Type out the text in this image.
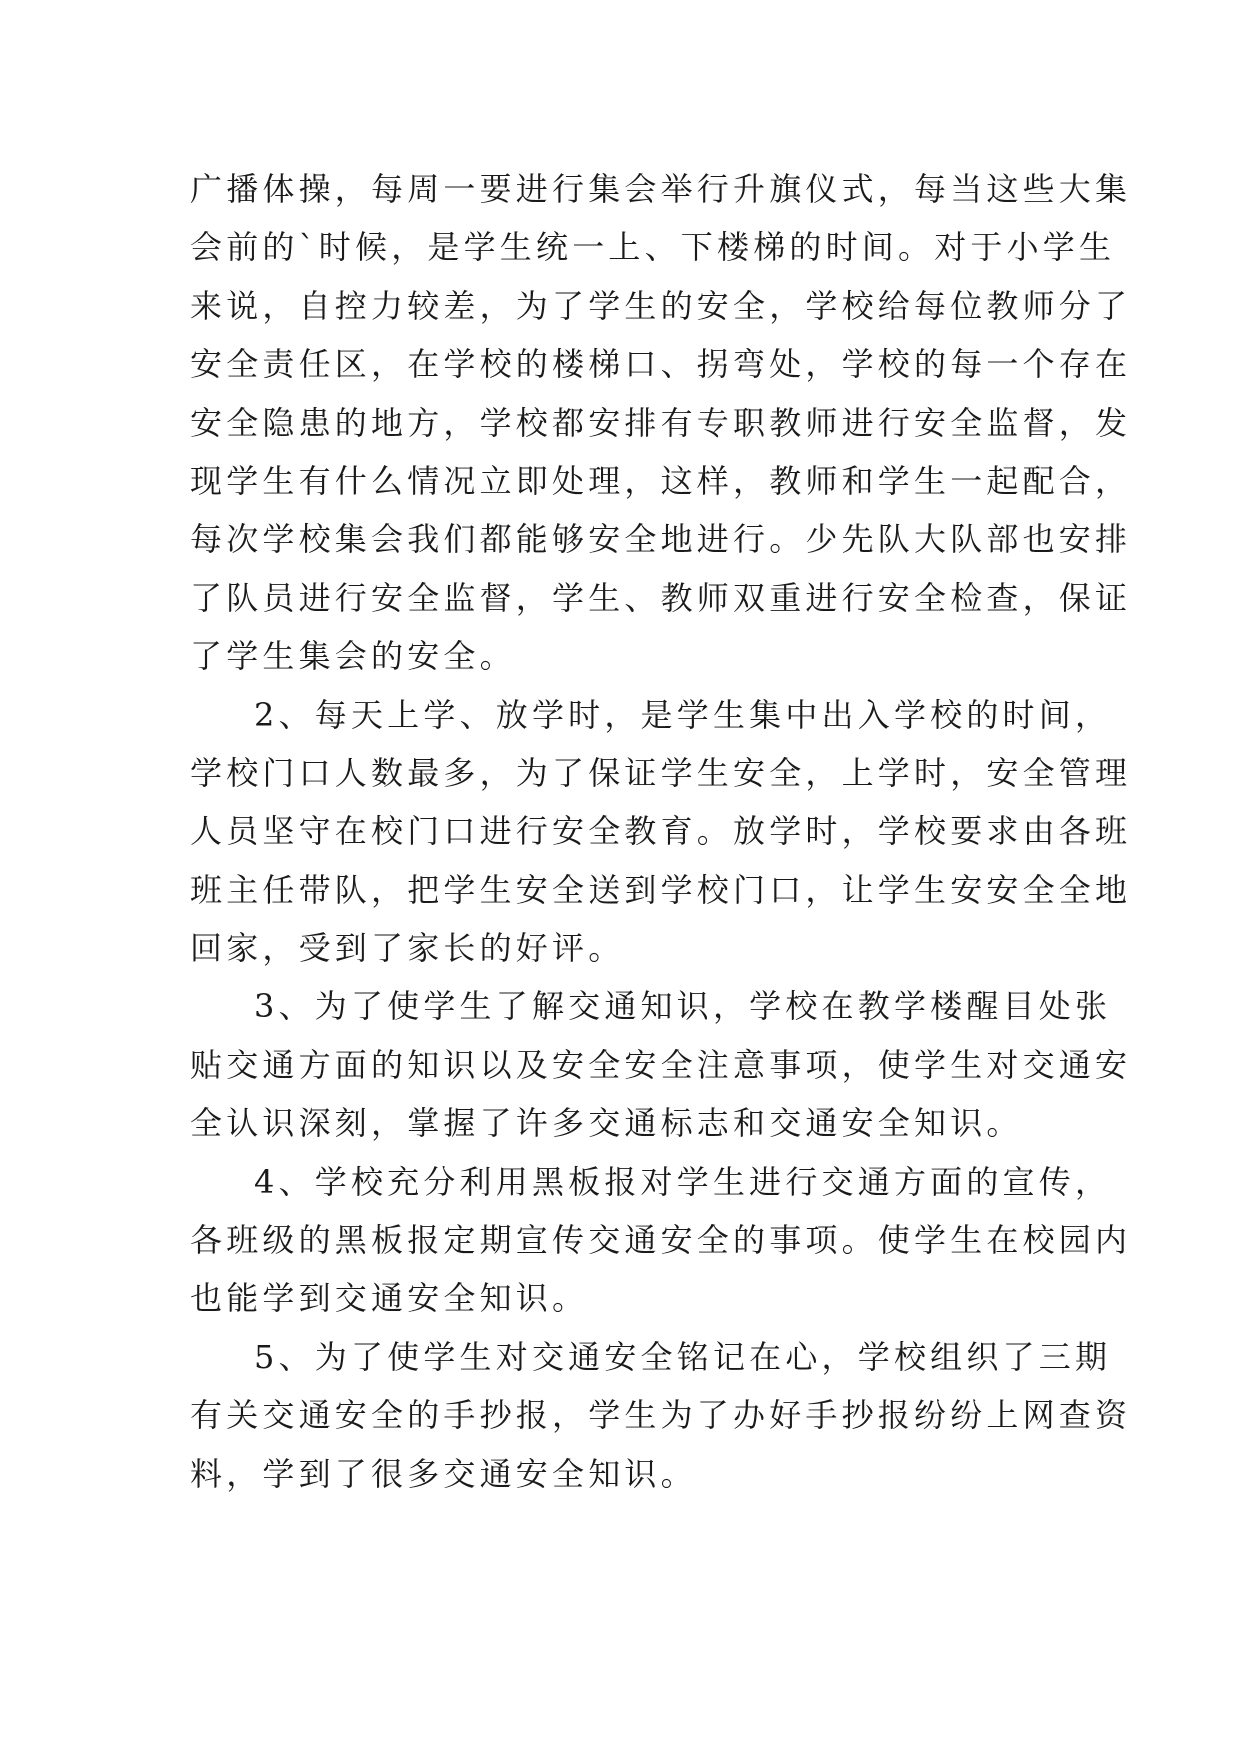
广播体操，每周一要进行集会举行升旗仪式，每当这些大集
会前的`时候，是学生统一上、下楼梯的时间。对于小学生
来说，自控力较差，为了学生的安全，学校给每位教师分了
安全责任区，在学校的楼梯口、拐弯处，学校的每一个存在
安全隐患的地方，学校都安排有专职教师进行安全监督，发
现学生有什么情况立即处理，这样，教师和学生一起配合，
每次学校集会我们都能够安全地进行。少先队大队部也安排
了队员进行安全监督，学生、教师双重进行安全检查，保证
了学生集会的安全。
2、每天上学、放学时，是学生集中出入学校的时间，
学校门口人数最多，为了保证学生安全，上学时，安全管理
人员坚守在校门口进行安全教育。放学时，学校要求由各班
班主任带队，把学生安全送到学校门口，让学生安安全全地
回家，受到了家长的好评。
3、为了使学生了解交通知识，学校在教学楼醒目处张
贴交通方面的知识以及安全安全注意事项，使学生对交通安
全认识深刻，掌握了许多交通标志和交通安全知识。
4、学校充分利用黑板报对学生进行交通方面的宣传，
各班级的黑板报定期宣传交通安全的事项。使学生在校园内
也能学到交通安全知识。
5、为了使学生对交通安全铭记在心，学校组织了三期
有关交通安全的手抄报，学生为了办好手抄报纷纷上网查资
料，学到了很多交通安全知识。
